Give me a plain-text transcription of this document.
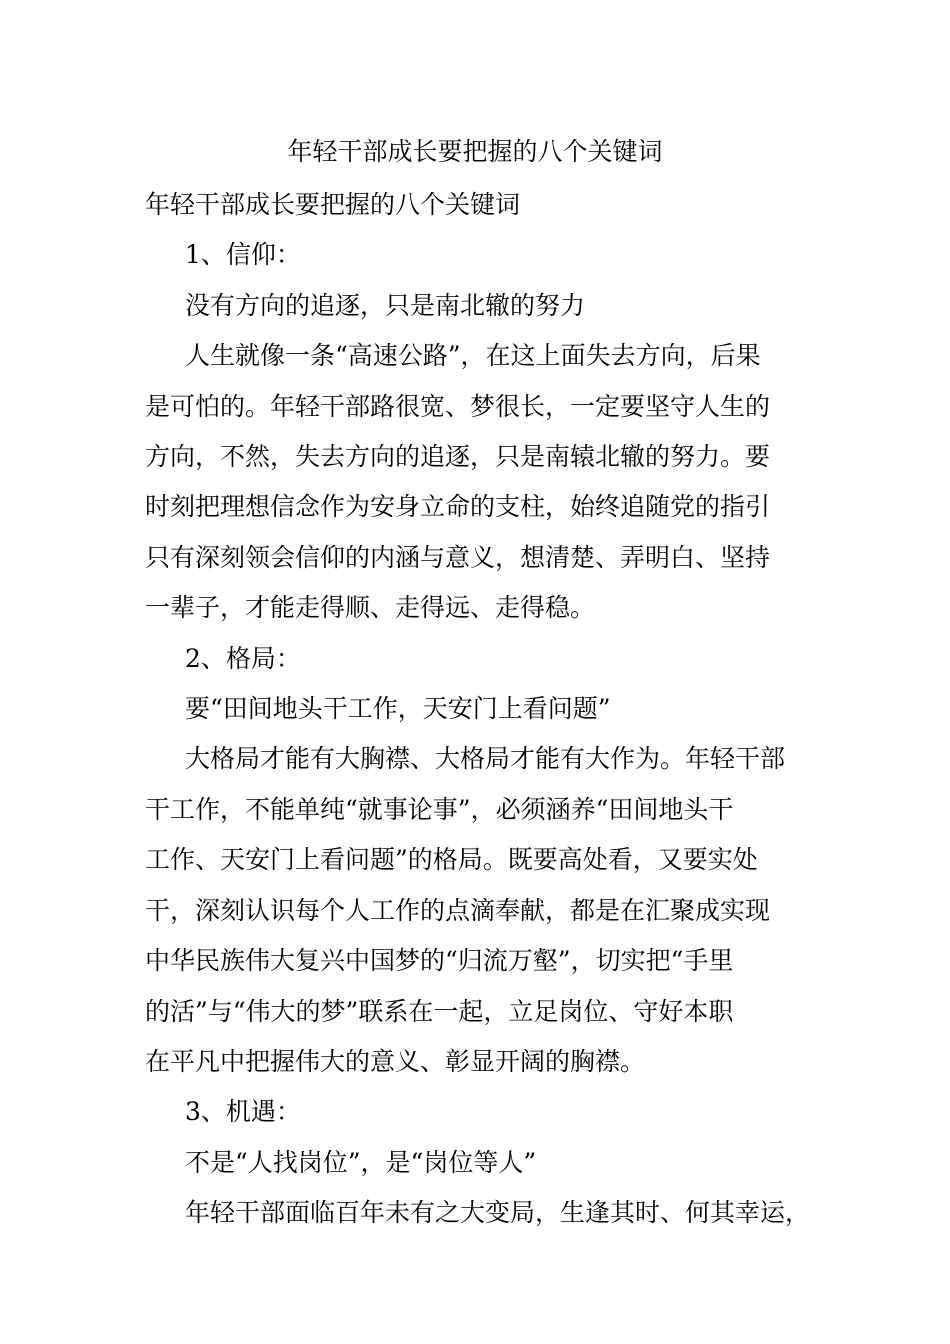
年轻干部成长要把握的八个关键词

年轻干部成长要把握的八个关键词

1、信仰：

没有方向的追逐，只是南北辙的努力

人生就像一条“高速公路”，在这上面失去方向，后果

是可怕的。年轻干部路很宽、梦很长，一定要坚守人生的

方向，不然，失去方向的追逐，只是南辕北辙的努力。要

时刻把理想信念作为安身立命的支柱，始终追随党的指引

只有深刻领会信仰的内涵与意义，想清楚、弄明白、坚持

一辈子，才能走得顺、走得远、走得稳。

2、格局：

要“田间地头干工作，天安门上看问题”

大格局才能有大胸襟、大格局才能有大作为。年轻干部

干工作，不能单纯“就事论事”，必须涵养“田间地头干

工作、天安门上看问题”的格局。既要高处看，又要实处

干，深刻认识每个人工作的点滴奉献，都是在汇聚成实现

中华民族伟大复兴中国梦的“归流万壑”，切实把“手里

的活”与“伟大的梦”联系在一起，立足岗位、守好本职

在平凡中把握伟大的意义、彰显开阔的胸襟。

3、机遇：

不是“人找岗位”，是“岗位等人”

年轻干部面临百年未有之大变局，生逢其时、何其幸运，
